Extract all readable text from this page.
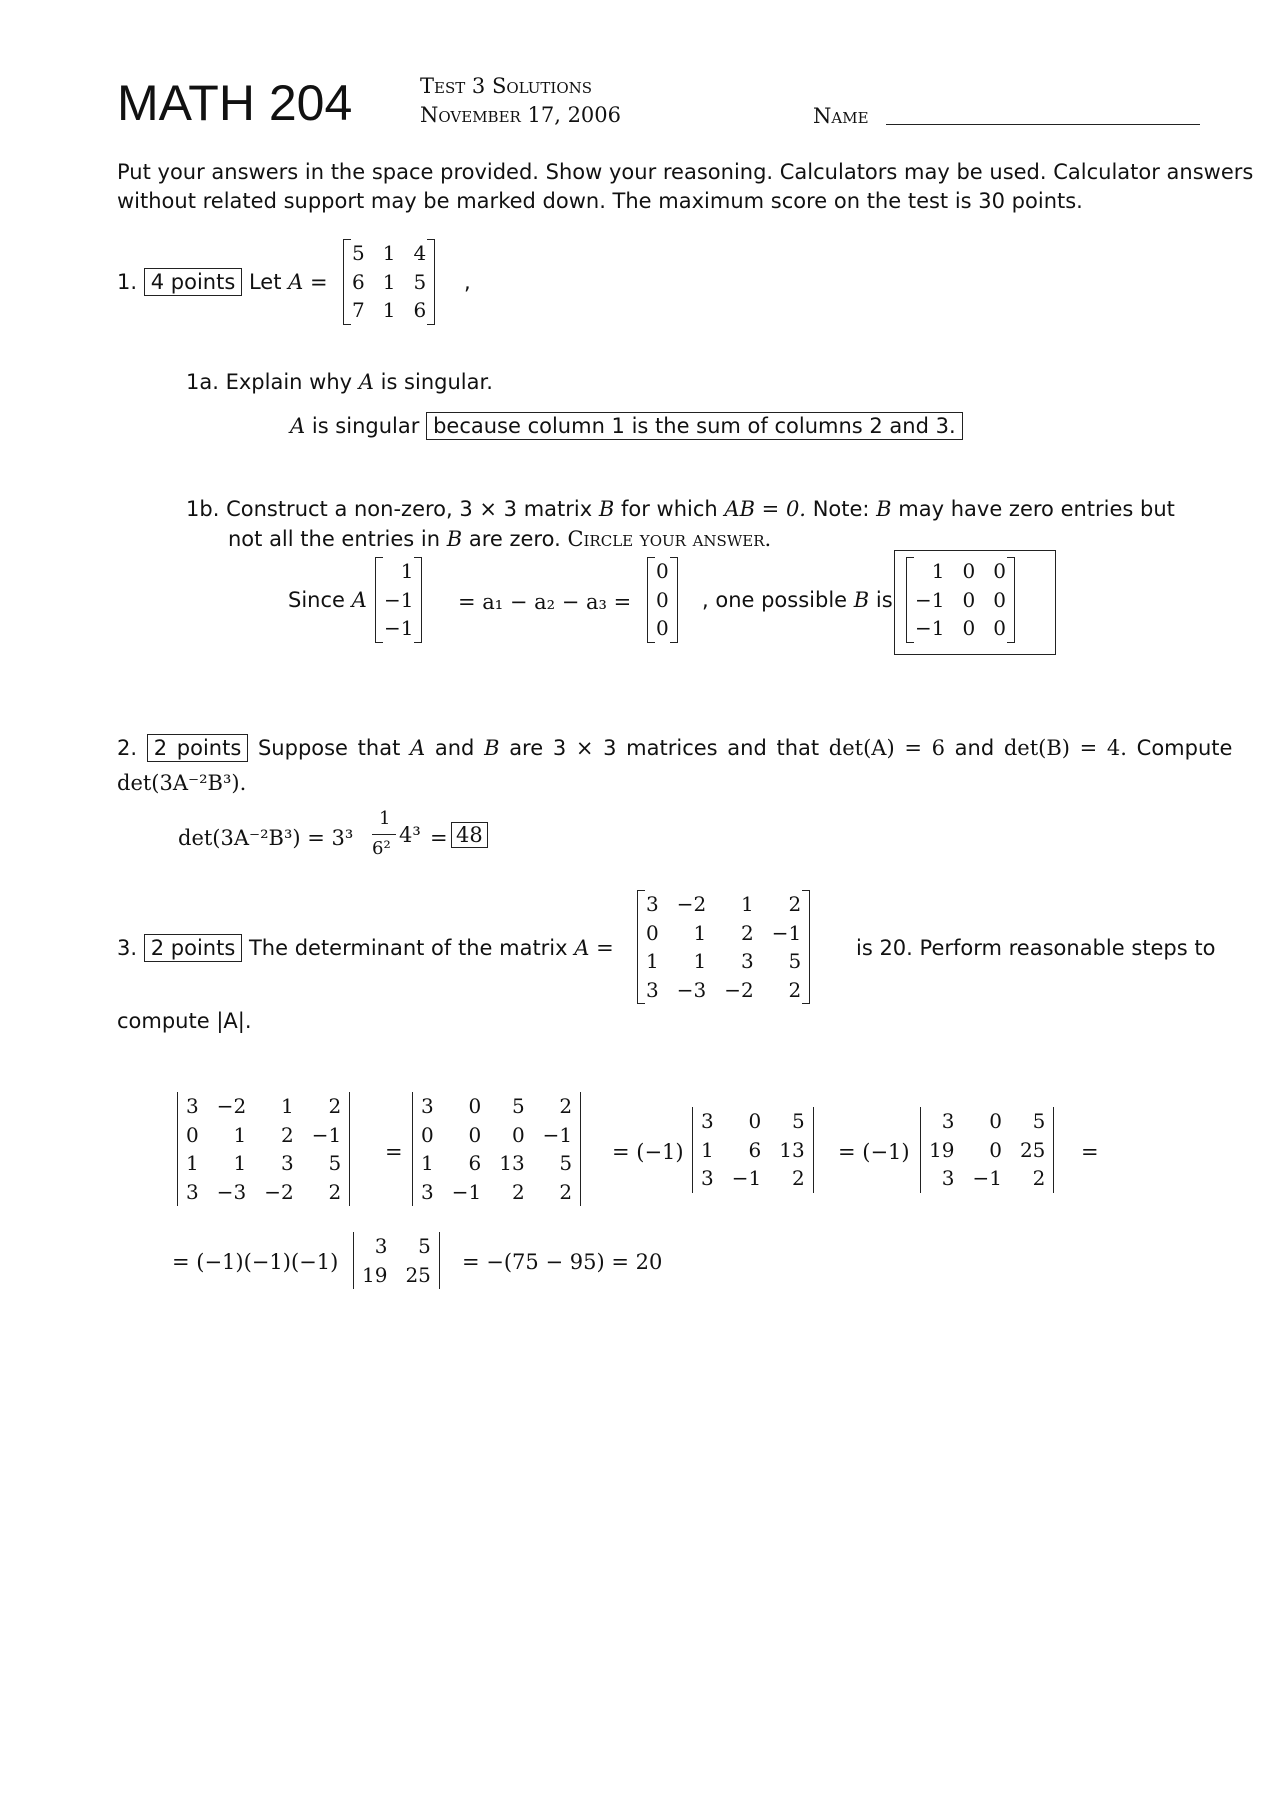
MATH 204	Test 3 Solutions
November 17, 2006	Name
Put your answers in the space provided. Show your reasoning. Calculators may be used. Calculator answers
without related support may be marked down. The maximum score on the test is 30 points.
1. 4 points Let A =
5	1	4
6	1	5
7	1	6
,
1a. Explain why A is singular.
A is singular because column 1 is the sum of columns 2 and 3.
1b. Construct a non-zero, 3 × 3 matrix B for which AB = 0. Note: B may have zero entries but
not all the entries in B are zero. Circle your answer.
Since A
1
−1
−1
= a₁ − a₂ − a₃ =
0
0
0
, one possible B is
1	0	0
−1	0	0
−1	0	0
2. 2 points Suppose that A and B are 3 × 3 matrices and that det(A) = 6 and det(B) = 4. Compute
det(3A⁻²B³).
det(3A⁻²B³) = 3³
1
6²
4³ = 48
3. 2 points The determinant of the matrix A =
3	−2	1	2
0	1	2	−1
1	1	3	5
3	−3	−2	2
is 20. Perform reasonable steps to
compute |A|.
3	−2	1	2
0	1	2	−1
1	1	3	5
3	−3	−2	2
=
3	0	5	2
0	0	0	−1
1	6	13	5
3	−1	2	2
= (−1)
3	0	5
1	6	13
3	−1	2
= (−1)
3	0	5
19	0	25
3	−1	2
=
= (−1)(−1)(−1)
3	5
19	25
= −(75 − 95) = 20
